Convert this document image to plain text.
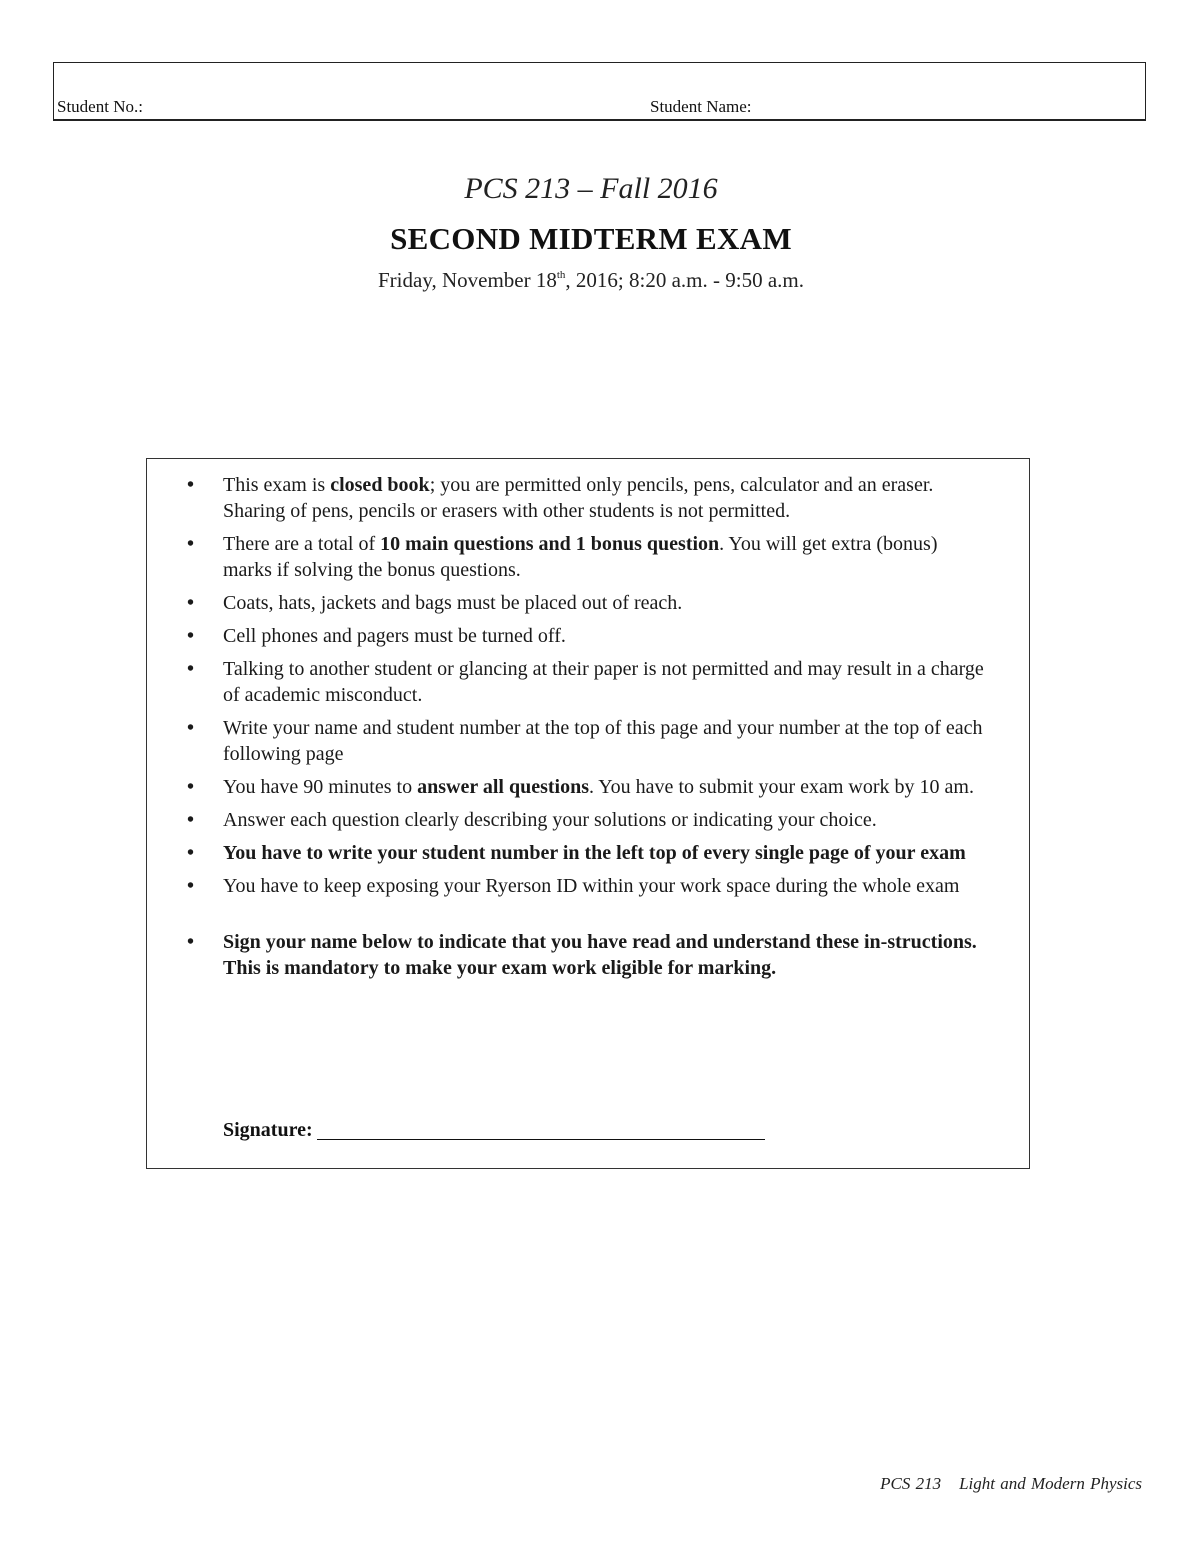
Student No.:	Student Name:
PCS 213 – Fall 2016
SECOND MIDTERM EXAM
Friday, November 18th, 2016; 8:20 a.m. - 9:50 a.m.
• This exam is closed book; you are permitted only pencils, pens, calculator and an eraser. Sharing of pens, pencils or erasers with other students is not permitted.
• There are a total of 10 main questions and 1 bonus question. You will get extra (bonus) marks if solving the bonus questions.
• Coats, hats, jackets and bags must be placed out of reach.
• Cell phones and pagers must be turned off.
• Talking to another student or glancing at their paper is not permitted and may result in a charge of academic misconduct.
• Write your name and student number at the top of this page and your number at the top of each following page
• You have 90 minutes to answer all questions. You have to submit your exam work by 10 am.
• Answer each question clearly describing your solutions or indicating your choice.
• You have to write your student number in the left top of every single page of your exam
• You have to keep exposing your Ryerson ID within your work space during the whole exam
• Sign your name below to indicate that you have read and understand these in-structions. This is mandatory to make your exam work eligible for marking.
Signature:
PCS 213 Light and Modern Physics
